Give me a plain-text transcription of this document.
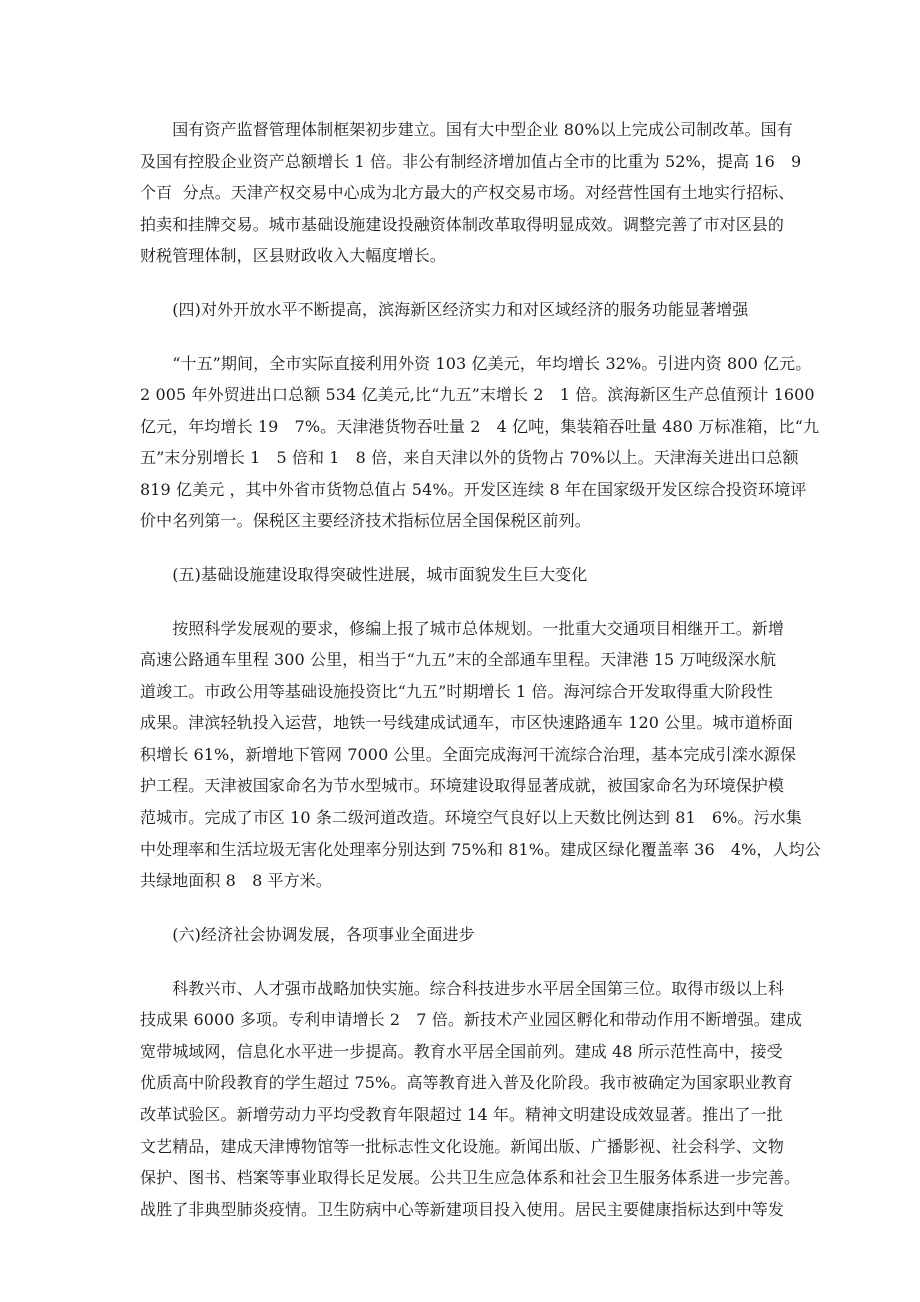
　　国有资产监督管理体制框架初步建立。国有大中型企业 80%以上完成公司制改革。国有
及国有控股企业资产总额增长 1 倍。非公有制经济增加值占全市的比重为 52%，提高 16　9
个百  分点。天津产权交易中心成为北方最大的产权交易市场。对经营性国有土地实行招标、
拍卖和挂牌交易。城市基础设施建设投融资体制改革取得明显成效。调整完善了市对区县的
财税管理体制，区县财政收入大幅度增长。
　　(四)对外开放水平不断提高，滨海新区经济实力和对区域经济的服务功能显著增强
　　“十五”期间，全市实际直接利用外资 103 亿美元，年均增长 32%。引进内资 800 亿元。
2 005 年外贸进出口总额 534 亿美元,比“九五”末增长 2　1 倍。滨海新区生产总值预计 1600
亿元，年均增长 19　7%。天津港货物吞吐量 2　4 亿吨，集装箱吞吐量 480 万标准箱，比“九
五”末分别增长 1　5 倍和 1　8 倍，来自天津以外的货物占 70%以上。天津海关进出口总额
819 亿美元 ，其中外省市货物总值占 54%。开发区连续 8 年在国家级开发区综合投资环境评
价中名列第一。保税区主要经济技术指标位居全国保税区前列。
　　(五)基础设施建设取得突破性进展，城市面貌发生巨大变化
　　按照科学发展观的要求，修编上报了城市总体规划。一批重大交通项目相继开工。新增
高速公路通车里程 300 公里，相当于“九五”末的全部通车里程。天津港 15 万吨级深水航
道竣工。市政公用等基础设施投资比“九五”时期增长 1 倍。海河综合开发取得重大阶段性
成果。津滨轻轨投入运营，地铁一号线建成试通车，市区快速路通车 120 公里。城市道桥面
积增长 61%，新增地下管网 7000 公里。全面完成海河干流综合治理，基本完成引滦水源保
护工程。天津被国家命名为节水型城市。环境建设取得显著成就，被国家命名为环境保护模
范城市。完成了市区 10 条二级河道改造。环境空气良好以上天数比例达到 81　6%。污水集
中处理率和生活垃圾无害化处理率分别达到 75%和 81%。建成区绿化覆盖率 36　4%，人均公
共绿地面积 8　8 平方米。
　　(六)经济社会协调发展，各项事业全面进步
　　科教兴市、人才强市战略加快实施。综合科技进步水平居全国第三位。取得市级以上科
技成果 6000 多项。专利申请增长 2　7 倍。新技术产业园区孵化和带动作用不断增强。建成
宽带城域网，信息化水平进一步提高。教育水平居全国前列。建成 48 所示范性高中，接受
优质高中阶段教育的学生超过 75%。高等教育进入普及化阶段。我市被确定为国家职业教育
改革试验区。新增劳动力平均受教育年限超过 14 年。精神文明建设成效显著。推出了一批
文艺精品，建成天津博物馆等一批标志性文化设施。新闻出版、广播影视、社会科学、文物
保护、图书、档案等事业取得长足发展。公共卫生应急体系和社会卫生服务体系进一步完善。
战胜了非典型肺炎疫情。卫生防病中心等新建项目投入使用。居民主要健康指标达到中等发
